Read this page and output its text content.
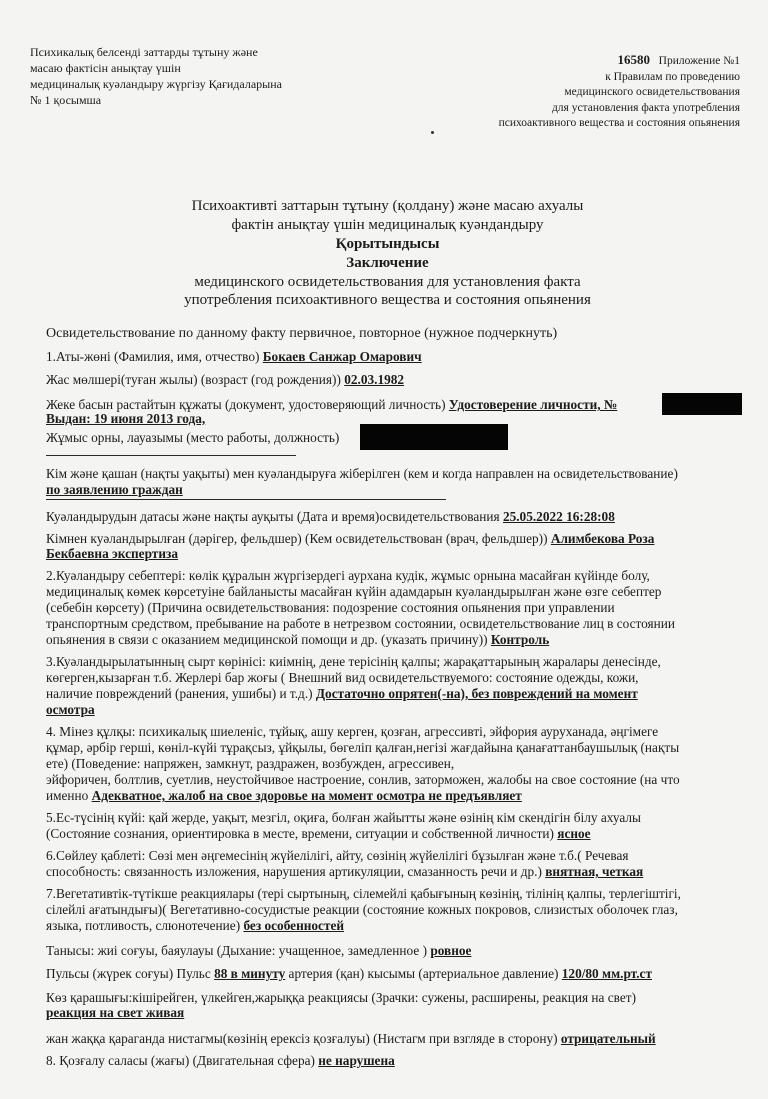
Психикалық белсенді заттарды тұтыну және
масаю фактісін анықтау үшін
медициналық куәландыру жүргізу Қағидаларына
№ 1 қосымша
16580 Приложение №1
к Правилам по проведению
медицинского освидетельствования
для установления факта употребления
психоактивного вещества и состояния опьянения
Психоактивті заттарын тұтыну (қолдану) және масаю ахуалы
фактін анықтау үшін медициналық куәндандыру
Қорытындысы
Заключение
медицинского освидетельствования для установления факта
употребления психоактивного вещества и состояния опьянения
Освидетельствование по данному факту первичное, повторное (нужное подчеркнуть)
1.Аты-жөні (Фамилия, имя, отчество) Бокаев Санжар Омарович
Жас мөлшері(туған жылы) (возраст (год рождения)) 02.03.1982
Жеке басын растайтын құжаты (документ, удостоверяющий личность) Удостоверение личности, №
Выдан: 19 июня 2013 года,
Жұмыс орны, лауазымы (место работы, должность)
Кім және қашан (нақты уақыты) мен куәландыруға жіберілген (кем и когда направлен на освидетельствование)
по заявлению граждан
Куәландырудын датасы және нақты ауқыты (Дата и время)освидетельствования 25.05.2022 16:28:08
Кімнен куәландырылған (дәрігер, фельдшер) (Кем освидетельствован (врач, фельдшер)) Алимбекова Роза
Бекбаевна экспертиза
2.Куәландыру себептері: көлік құралын жүргізердегі аурхана кудік, жұмыс орнына масайған күйінде болу,
медициналық көмек көрсетуіне байланысты масайған күйін адамдарын куәландырылған және өзге себептер
(себебін көрсету) (Причина освидетельствования: подозрение состояния опьянения при управлении
транспортным средством, пребывание на работе в нетрезвом состоянии, освидетельствование лиц в состоянии
опьянения в связи с оказанием медицинской помощи и др. (указать причину)) Контроль
3.Куәландырылатынның сырт көрінісі: киімнің, дене терісінің қалпы; жарақаттарының жаралары денесінде,
көгерген,кызарған т.б. Жерлері бар жоғы ( Внешний вид освидетельствуемого: состояние одежды, кожи,
наличие повреждений (ранения, ушибы) и т.д.) Достаточно опрятен(-на), без повреждений на момент
осмотра
4. Мінез құлқы: психикалық шиеленіс, тұйық, ашу керген, қозған, агрессивті, эйфория ауруханада, әңгімеге
құмар, әрбір герші, көніл-күйі тұрақсыз, ұйқылы, бөгеліп қалған,негізі жағдайына қанағаттанбаушылық (нақты
ете) (Поведение: напряжен, замкнут, раздражен, возбужден, агрессивен,
эйфоричен, болтлив, суетлив, неустойчивое настроение, сонлив, заторможен, жалобы на свое состояние (на что
именно Адекватное, жалоб на свое здоровье на момент осмотра не предъявляет
5.Ес-түсінің күйі: қай жерде, уақыт, мезгіл, оқиға, болған жайытты және өзінің кім скендігін білу ахуалы
(Состояние сознания, ориентировка в месте, времени, ситуации и собственной личности) ясное
6.Сөйлеу қаблеті: Сөзі мен әңгемесінің жүйелілігі, айту, сөзінің жүйелілігі бұзылған және т.б.( Речевая
способность: связанность изложения, нарушения артикуляции, смазанность речи и др.) внятная, четкая
7.Вегетативтік-түтікше реакциялары (тері сыртының, сілемейлі қабығының көзінің, тілінің қалпы, терлегіштігі,
сілейлі ағатындығы)( Вегетативно-сосудистые реакции (состояние кожных покровов, слизистых оболочек глаз,
языка, потливость, слюнотечение) без особенностей
Танысы: жиі соғуы, баяулауы (Дыхание: учащенное, замедленное ) ровное
Пульсы (жүрек соғуы) Пульс 88 в минуту артерия (қан) кысымы (артериальное давление) 120/80 мм.рт.ст
Көз қарашығы:кішірейген, үлкейген,жарыққа реакциясы (Зрачки: сужены, расширены, реакция на свет)
реакция на свет живая
жан жаққа қараганда нистагмы(көзінің ерексіз қозғалуы) (Нистагм при взгляде в сторону) отрицательный
8. Қозғалу саласы (жағы) (Двигательная сфера) не нарушена
